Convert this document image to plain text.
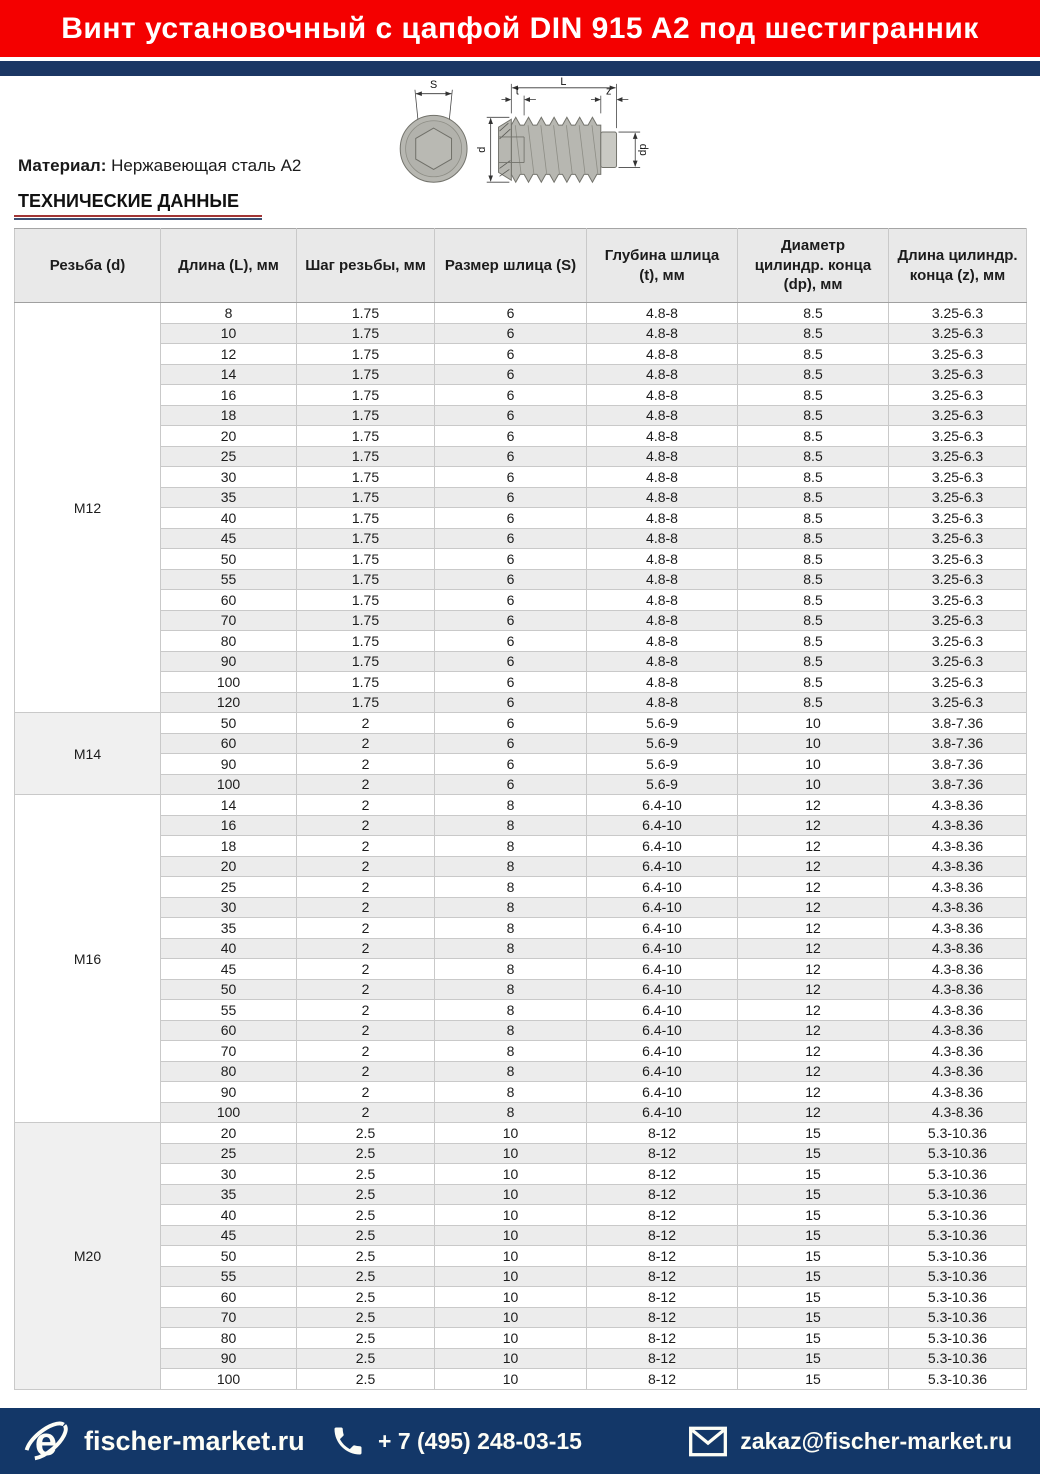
Винт установочный с цапфой DIN 915 A2 под шестигранник
S	L
t	z
d	dp
Материал: Нержавеющая сталь A2
ТЕХНИЧЕСКИЕ ДАННЫЕ
Резьба (d)	Длина (L), мм	Шаг резьбы, мм	Размер шлица (S)	Глубина шлица (t), мм	Диаметр цилиндр. конца (dp), мм	Длина цилиндр. конца (z), мм
M12	8	1.75	6	4.8-8	8.5	3.25-6.3
	10	1.75	6	4.8-8	8.5	3.25-6.3
	12	1.75	6	4.8-8	8.5	3.25-6.3
	14	1.75	6	4.8-8	8.5	3.25-6.3
	16	1.75	6	4.8-8	8.5	3.25-6.3
	18	1.75	6	4.8-8	8.5	3.25-6.3
	20	1.75	6	4.8-8	8.5	3.25-6.3
	25	1.75	6	4.8-8	8.5	3.25-6.3
	30	1.75	6	4.8-8	8.5	3.25-6.3
	35	1.75	6	4.8-8	8.5	3.25-6.3
	40	1.75	6	4.8-8	8.5	3.25-6.3
	45	1.75	6	4.8-8	8.5	3.25-6.3
	50	1.75	6	4.8-8	8.5	3.25-6.3
	55	1.75	6	4.8-8	8.5	3.25-6.3
	60	1.75	6	4.8-8	8.5	3.25-6.3
	70	1.75	6	4.8-8	8.5	3.25-6.3
	80	1.75	6	4.8-8	8.5	3.25-6.3
	90	1.75	6	4.8-8	8.5	3.25-6.3
	100	1.75	6	4.8-8	8.5	3.25-6.3
	120	1.75	6	4.8-8	8.5	3.25-6.3
M14	50	2	6	5.6-9	10	3.8-7.36
	60	2	6	5.6-9	10	3.8-7.36
	90	2	6	5.6-9	10	3.8-7.36
	100	2	6	5.6-9	10	3.8-7.36
M16	14	2	8	6.4-10	12	4.3-8.36
	16	2	8	6.4-10	12	4.3-8.36
	18	2	8	6.4-10	12	4.3-8.36
	20	2	8	6.4-10	12	4.3-8.36
	25	2	8	6.4-10	12	4.3-8.36
	30	2	8	6.4-10	12	4.3-8.36
	35	2	8	6.4-10	12	4.3-8.36
	40	2	8	6.4-10	12	4.3-8.36
	45	2	8	6.4-10	12	4.3-8.36
	50	2	8	6.4-10	12	4.3-8.36
	55	2	8	6.4-10	12	4.3-8.36
	60	2	8	6.4-10	12	4.3-8.36
	70	2	8	6.4-10	12	4.3-8.36
	80	2	8	6.4-10	12	4.3-8.36
	90	2	8	6.4-10	12	4.3-8.36
	100	2	8	6.4-10	12	4.3-8.36
M20	20	2.5	10	8-12	15	5.3-10.36
	25	2.5	10	8-12	15	5.3-10.36
	30	2.5	10	8-12	15	5.3-10.36
	35	2.5	10	8-12	15	5.3-10.36
	40	2.5	10	8-12	15	5.3-10.36
	45	2.5	10	8-12	15	5.3-10.36
	50	2.5	10	8-12	15	5.3-10.36
	55	2.5	10	8-12	15	5.3-10.36
	60	2.5	10	8-12	15	5.3-10.36
	70	2.5	10	8-12	15	5.3-10.36
	80	2.5	10	8-12	15	5.3-10.36
	90	2.5	10	8-12	15	5.3-10.36
	100	2.5	10	8-12	15	5.3-10.36
e fischer-market.ru	+ 7 (495) 248-03-15	zakaz@fischer-market.ru
